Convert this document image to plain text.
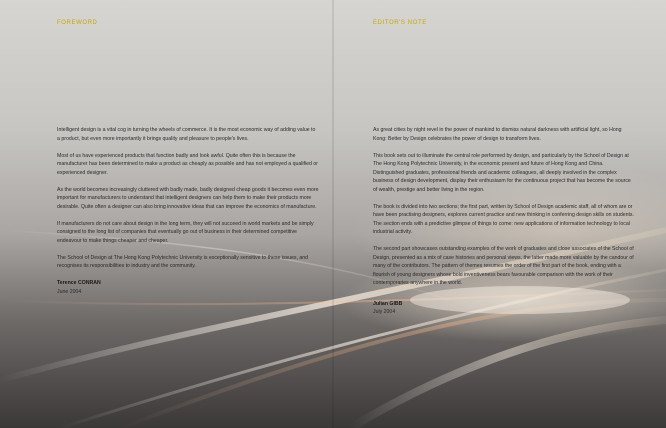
FOREWORD

Intelligent design is a vital cog in turning the wheels of commerce. It is the most economic way of adding value to a product, but even more importantly it brings quality and pleasure to people's lives.

Most of us have experienced products that function badly and look awful. Quite often this is because the manufacturer has been determined to make a product as cheaply as possible and has not employed a qualified or experienced designer.

As the world becomes increasingly cluttered with badly made, badly designed cheap goods it becomes even more important for manufacturers to understand that intelligent designers can help them to make their products more desirable. Quite often a designer can also bring innovative ideas that can improve the economics of manufacture.

If manufacturers do not care about design in the long term, they will not succeed in world markets and be simply consigned to the long list of companies that eventually go out of business in their determined competitive endeavour to make things cheaper and cheaper.

The School of Design at The Hong Kong Polytechnic University is exceptionally sensitive to these issues, and recognises its responsibilities to industry and the community.

Terence CONRAN
June 2004
EDITOR'S NOTE

As great cities by night revel in the power of mankind to dismiss natural darkness with artificial light, so Hong Kong: Better by Design celebrates the power of design to transform lives.

This book sets out to illuminate the central role performed by design, and particularly by the School of Design at The Hong Kong Polytechnic University, in the economic present and future of Hong Kong and China. Distinguished graduates, professional friends and academic colleagues, all deeply involved in the complex business of design development, display their enthusiasm for the continuous project that has become the source of wealth, prestige and better living in the region.

The book is divided into two sections; the first part, written by School of Design academic staff, all of whom are or have been practising designers, explores current practice and new thinking in conferring design skills on students. The section ends with a predictive glimpse of things to come: new applications of information technology to local industrial activity.

The second part showcases outstanding examples of the work of graduates and close associates of the School of Design, presented as a mix of case histories and personal views, the latter made more valuable by the candour of many of the contributors. The pattern of themes resumes the order of the first part of the book, ending with a flourish of young designers whose bold inventiveness bears favourable comparison with the work of their contemporaries anywhere in the world.

Julian GIBB
July 2004
